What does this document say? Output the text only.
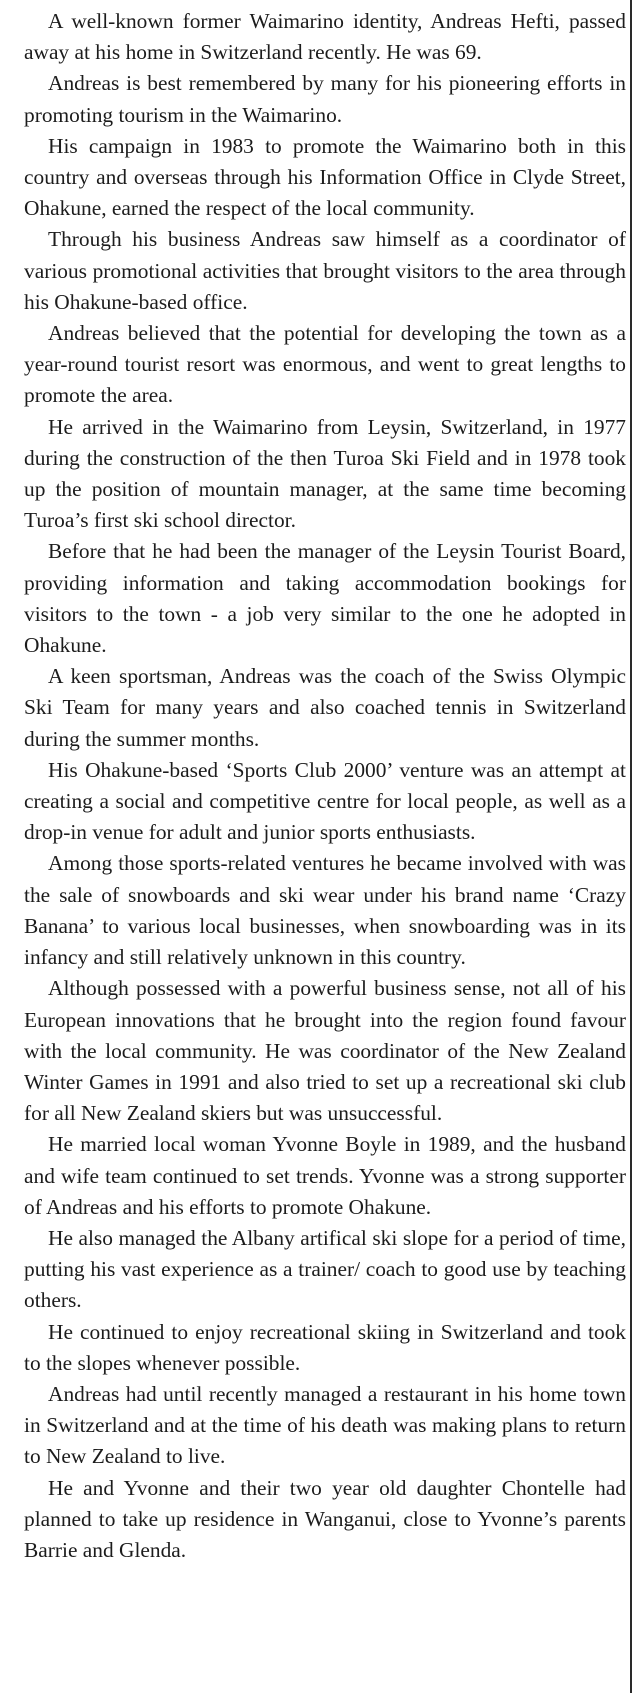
A well-known former Waimarino identity, Andreas Hefti, passed away at his home in Switzerland recently. He was 69.

Andreas is best remembered by many for his pioneering efforts in promoting tourism in the Waimarino.

His campaign in 1983 to promote the Waimarino both in this country and overseas through his Information Office in Clyde Street, Ohakune, earned the respect of the local community.

Through his business Andreas saw himself as a coordinator of various promotional activities that brought visitors to the area through his Ohakune-based office.

Andreas believed that the potential for developing the town as a year-round tourist resort was enormous, and went to great lengths to promote the area.

He arrived in the Waimarino from Leysin, Switzerland, in 1977 during the construction of the then Turoa Ski Field and in 1978 took up the position of mountain manager, at the same time becoming Turoa’s first ski school director.

Before that he had been the manager of the Leysin Tourist Board, providing information and taking accommodation bookings for visitors to the town - a job very similar to the one he adopted in Ohakune.

A keen sportsman, Andreas was the coach of the Swiss Olympic Ski Team for many years and also coached tennis in Switzerland during the summer months.

His Ohakune-based ‘Sports Club 2000’ venture was an attempt at creating a social and competitive centre for local people, as well as a drop-in venue for adult and junior sports enthusiasts.

Among those sports-related ventures he became involved with was the sale of snowboards and ski wear under his brand name ‘Crazy Banana’ to various local businesses, when snowboarding was in its infancy and still relatively unknown in this country.

Although possessed with a powerful business sense, not all of his European innovations that he brought into the region found favour with the local community. He was coordinator of the New Zealand Winter Games in 1991 and also tried to set up a recreational ski club for all New Zealand skiers but was unsuccessful.

He married local woman Yvonne Boyle in 1989, and the husband and wife team continued to set trends. Yvonne was a strong supporter of Andreas and his efforts to promote Ohakune.

He also managed the Albany artifical ski slope for a period of time, putting his vast experience as a trainer/ coach to good use by teaching others.

He continued to enjoy recreational skiing in Switzerland and took to the slopes whenever possible.

Andreas had until recently managed a restaurant in his home town in Switzerland and at the time of his death was making plans to return to New Zealand to live.

He and Yvonne and their two year old daughter Chontelle had planned to take up residence in Wanganui, close to Yvonne’s parents Barrie and Glenda.
